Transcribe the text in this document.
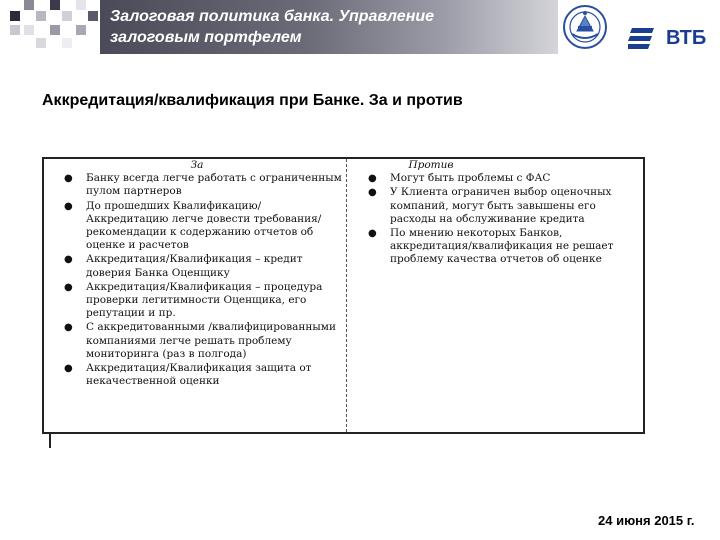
Залоговая политика банка. Управление
залоговым портфелем	ВТБ
Аккредитация/квалификация при Банке. За и против

За

● Банку всегда легче работать с ограниченным пулом партнеров
● До прошедших Квалификацию/Аккредитацию легче довести требования/рекомендации к содержанию отчетов об оценке и расчетов
● Аккредитация/Квалификация – кредит доверия Банка Оценщику
● Аккредитация/Квалификация – процедура проверки легитимности Оценщика, его репутации и пр.
● С аккредитованными /квалифицированными компаниями легче решать проблему мониторинга (раз в полгода)
● Аккредитация/Квалификация защита от некачественной оценки

Против

● Могут быть проблемы с ФАС
● У Клиента ограничен выбор оценочных компаний, могут быть завышены его расходы на обслуживание кредита
● По мнению некоторых Банков, аккредитация/квалификация не решает проблему качества отчетов об оценке
24 июня 2015 г.
